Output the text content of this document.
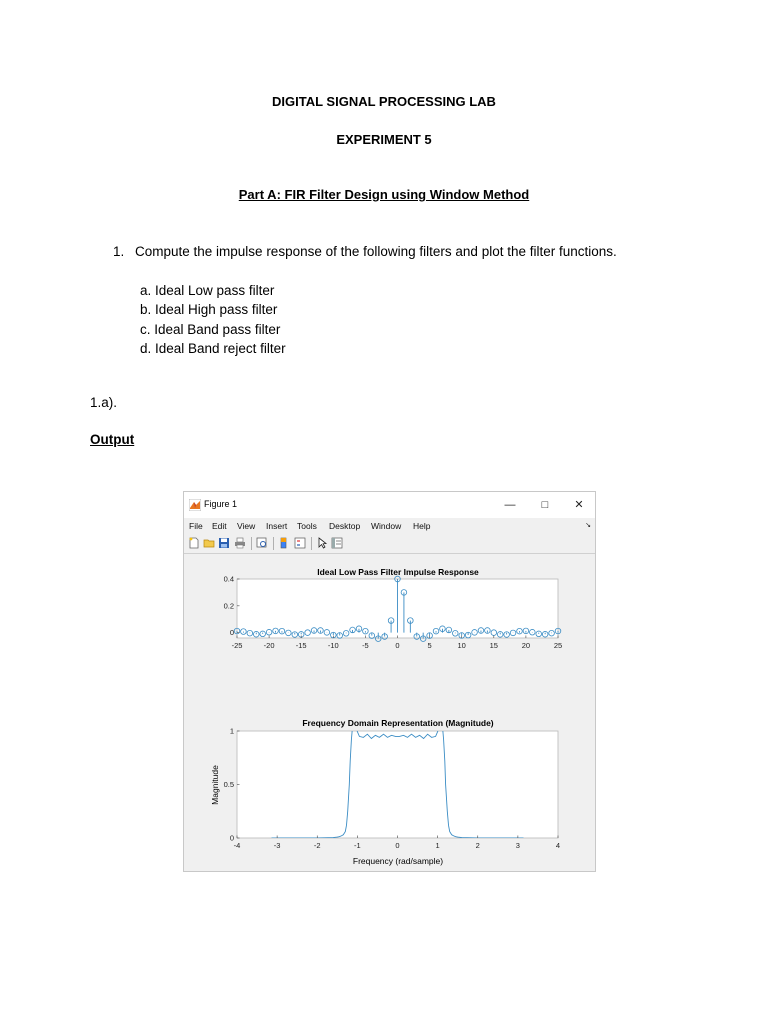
DIGITAL SIGNAL PROCESSING LAB
EXPERIMENT 5
Part A: FIR Filter Design using Window Method
1. Compute the impulse response of the following filters and plot the filter functions.
a. Ideal Low pass filter
b. Ideal High pass filter
c. Ideal Band pass filter
d. Ideal Band reject filter
1.a).
Output
Figure 1	—	□	✕
File Edit View Insert Tools Desktop Window Help	↘
Ideal Low Pass Filter Impulse Response
-25	-20	-15	-10	-5	0	5	10	15	20	25
0
0.2
0.4
Frequency Domain Representation (Magnitude)
-4	-3	-2	-1	0	1	2	3	4
0
0.5
1
Frequency (rad/sample)
Magnitude
